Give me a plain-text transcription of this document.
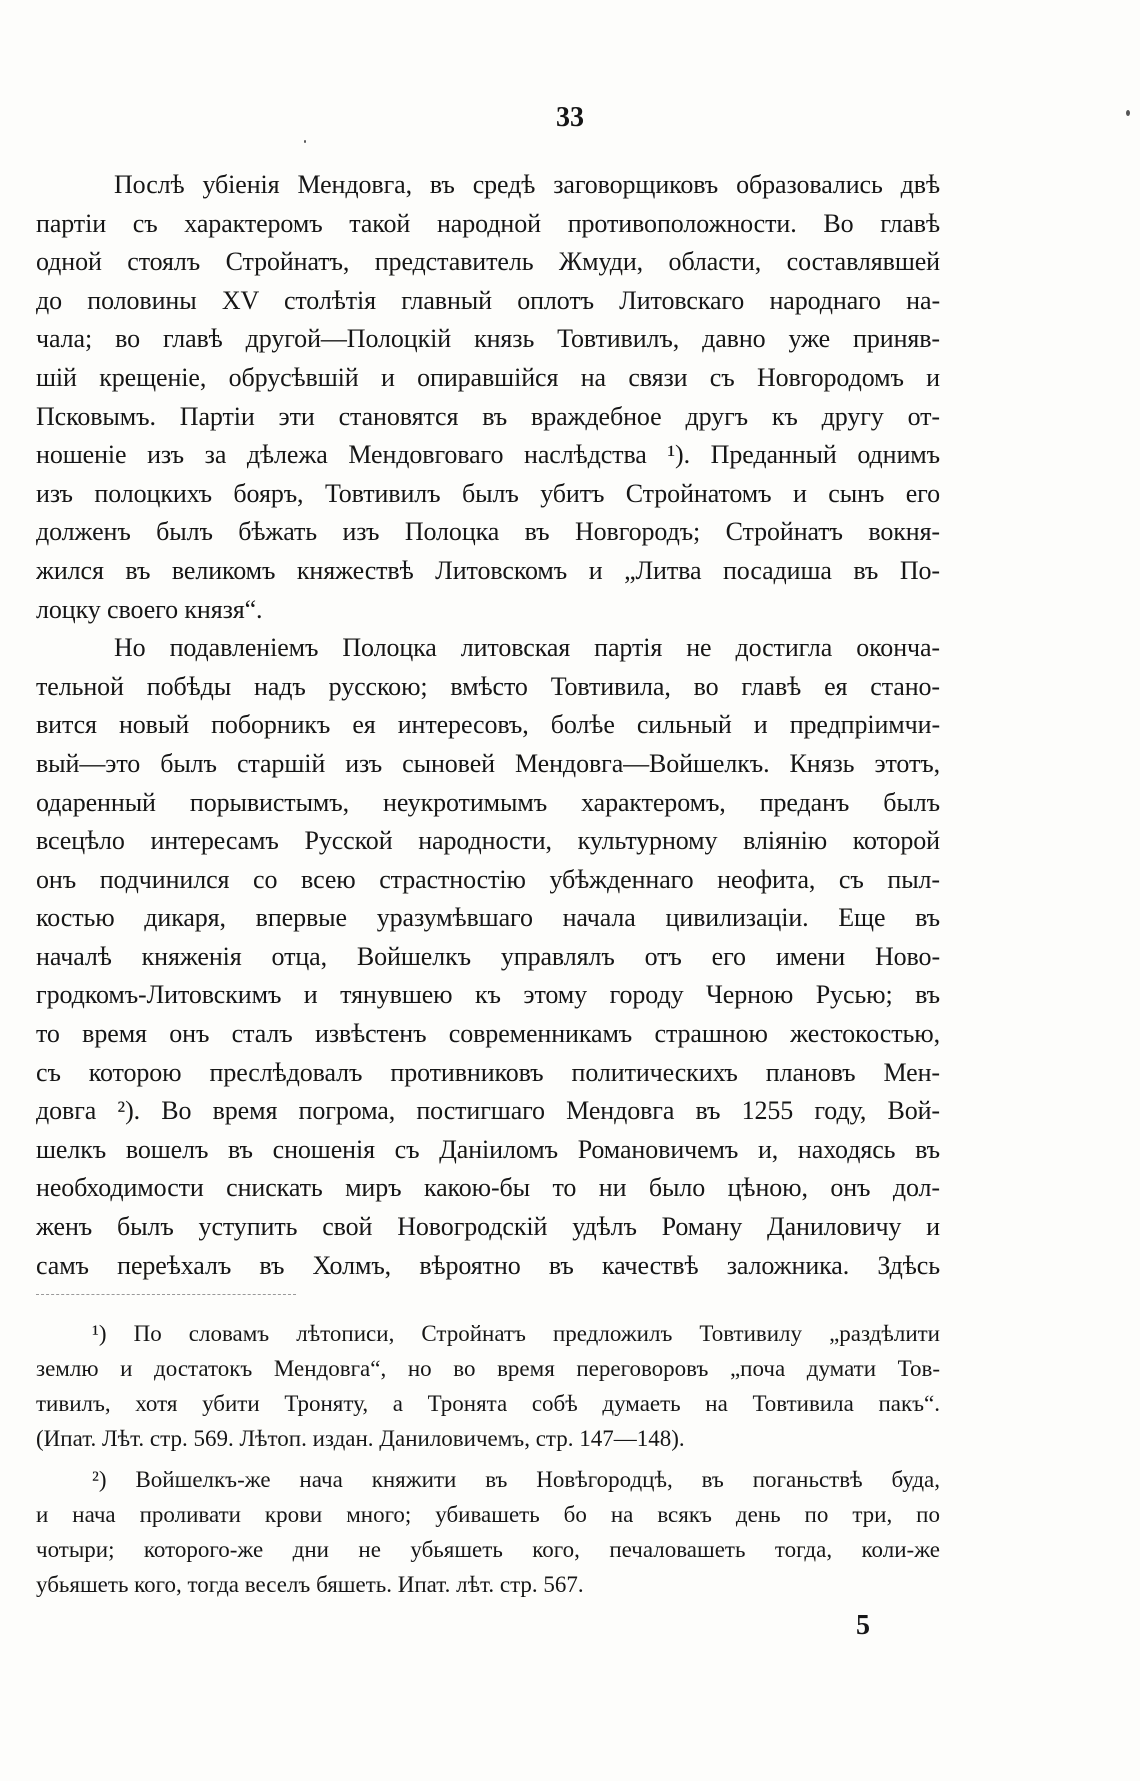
33
Послѣ убіенія Мендовга, въ средѣ заговорщиковъ образовались двѣ
партіи съ характеромъ такой народной противоположности. Во главѣ
одной стоялъ Стройнатъ, представитель Жмуди, области, составлявшей
до половины XV столѣтія главный оплотъ Литовскаго народнаго на-
чала; во главѣ другой—Полоцкій князь Товтивилъ, давно уже приняв-
шій крещеніе, обрусѣвшій и опиравшійся на связи съ Новгородомъ и
Псковымъ. Партіи эти становятся въ враждебное другъ къ другу от-
ношеніе изъ за дѣлежа Мендовговаго наслѣдства ¹). Преданный однимъ
изъ полоцкихъ бояръ, Товтивилъ былъ убитъ Стройнатомъ и сынъ его
долженъ былъ бѣжать изъ Полоцка въ Новгородъ; Стройнатъ вокня-
жился въ великомъ княжествѣ Литовскомъ и „Литва посадиша въ По-
лоцку своего князя“.
Но подавленіемъ Полоцка литовская партія не достигла оконча-
тельной побѣды надъ русскою; вмѣсто Товтивила, во главѣ ея стано-
вится новый поборникъ ея интересовъ, болѣе сильный и предпріимчи-
вый—это былъ старшій изъ сыновей Мендовга—Войшелкъ. Князь этотъ,
одаренный порывистымъ, неукротимымъ характеромъ, преданъ былъ
всецѣло интересамъ Русской народности, культурному вліянію которой
онъ подчинился со всею страстностію убѣжденнаго неофита, съ пыл-
костью дикаря, впервые уразумѣвшаго начала цивилизаціи. Еще въ
началѣ княженія отца, Войшелкъ управлялъ отъ его имени Ново-
гродкомъ-Литовскимъ и тянувшею къ этому городу Черною Русью; въ
то время онъ сталъ извѣстенъ современникамъ страшною жестокостью,
съ которою преслѣдовалъ противниковъ политическихъ плановъ Мен-
довга ²). Во время погрома, постигшаго Мендовга въ 1255 году, Вой-
шелкъ вошелъ въ сношенія съ Даніиломъ Романовичемъ и, находясь въ
необходимости снискать миръ какою-бы то ни было цѣною, онъ дол-
женъ былъ уступить свой Новогродскій удѣлъ Роману Даниловичу и
самъ переѣхалъ въ Холмъ, вѣроятно въ качествѣ заложника. Здѣсь
¹) По словамъ лѣтописи, Стройнатъ предложилъ Товтивилу „раздѣлити
землю и достатокъ Мендовга“, но во время переговоровъ „поча думати Тов-
тивилъ, хотя убити Троняту, а Тронята собѣ думаеть на Товтивила пакъ“.
(Ипат. Лѣт. стр. 569. Лѣтоп. издан. Даниловичемъ, стр. 147—148).
²) Войшелкъ-же нача княжити въ Новѣгородцѣ, въ поганьствѣ буда,
и нача проливати крови много; убивашеть бо на всякъ день по три, по
чотыри; которого-же дни не убьяшеть кого, печаловашеть тогда, коли-же
убьяшеть кого, тогда веселъ бяшеть. Ипат. лѣт. стр. 567.
5
